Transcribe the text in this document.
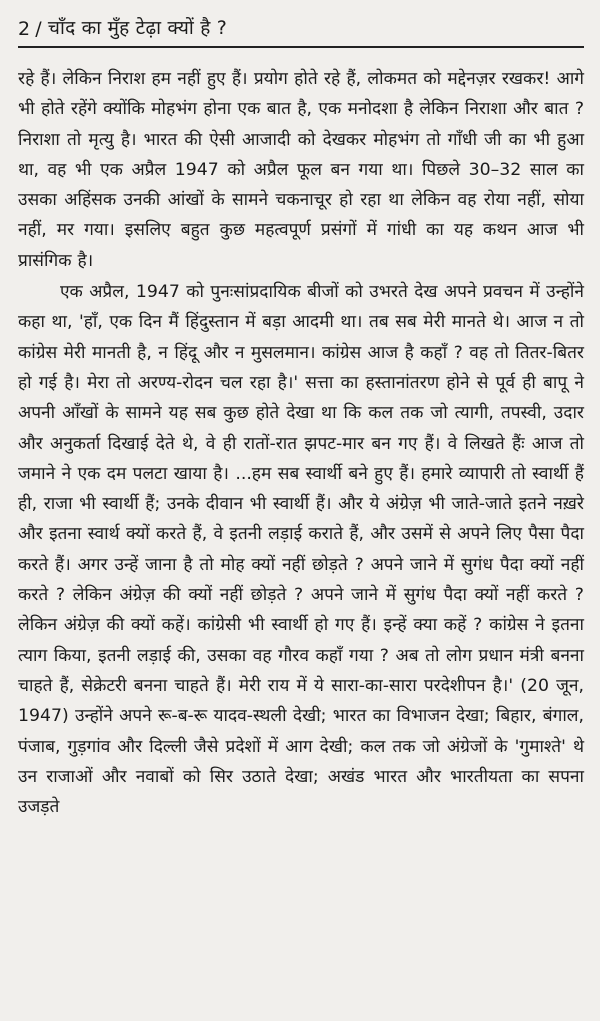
2 / चाँद का मुँह टेढ़ा क्यों है ?

रहे हैं। लेकिन निराश हम नहीं हुए हैं। प्रयोग होते रहे हैं, लोकमत को मद्देनज़र रखकर! आगे भी होते रहेंगे क्योंकि मोहभंग होना एक बात है, एक मनोदशा है लेकिन निराशा और बात ? निराशा तो मृत्यु है। भारत की ऐसी आजादी को देखकर मोहभंग तो गाँधी जी का भी हुआ था, वह भी एक अप्रैल 1947 को अप्रैल फूल बन गया था। पिछले 30–32 साल का उसका अहिंसक उनकी आंखों के सामने चकनाचूर हो रहा था लेकिन वह रोया नहीं, सोया नहीं, मर गया। इसलिए बहुत कुछ महत्वपूर्ण प्रसंगों में गांधी का यह कथन आज भी प्रासंगिक है।

एक अप्रैल, 1947 को पुनःसांप्रदायिक बीजों को उभरते देख अपने प्रवचन में उन्होंने कहा था, 'हाँ, एक दिन मैं हिंदुस्तान में बड़ा आदमी था। तब सब मेरी मानते थे। आज न तो कांग्रेस मेरी मानती है, न हिंदू और न मुसलमान। कांग्रेस आज है कहाँ ? वह तो तितर-बितर हो गई है। मेरा तो अरण्य-रोदन चल रहा है।' सत्ता का हस्तानांतरण होने से पूर्व ही बापू ने अपनी आँखों के सामने यह सब कुछ होते देखा था कि कल तक जो त्यागी, तपस्वी, उदार और अनुकर्ता दिखाई देते थे, वे ही रातों-रात झपट-मार बन गए हैं। वे लिखते हैंः आज तो जमाने ने एक दम पलटा खाया है। ...हम सब स्वार्थी बने हुए हैं। हमारे व्यापारी तो स्वार्थी हैं ही, राजा भी स्वार्थी हैं; उनके दीवान भी स्वार्थी हैं। और ये अंग्रेज़ भी जाते-जाते इतने नख़रे और इतना स्वार्थ क्यों करते हैं, वे इतनी लड़ाई कराते हैं, और उसमें से अपने लिए पैसा पैदा करते हैं। अगर उन्हें जाना है तो मोह क्यों नहीं छोड़ते ? अपने जाने में सुगंध पैदा क्यों नहीं करते ? लेकिन अंग्रेज़ की क्यों नहीं छोड़ते ? अपने जाने में सुगंध पैदा क्यों नहीं करते ? लेकिन अंग्रेज़ की क्यों कहें। कांग्रेसी भी स्वार्थी हो गए हैं। इन्हें क्या कहें ? कांग्रेस ने इतना त्याग किया, इतनी लड़ाई की, उसका वह गौरव कहाँ गया ? अब तो लोग प्रधान मंत्री बनना चाहते हैं, सेक्रेटरी बनना चाहते हैं। मेरी राय में ये सारा-का-सारा परदेशीपन है।' (20 जून, 1947) उन्होंने अपने रू-ब-रू यादव-स्थली देखी; भारत का विभाजन देखा; बिहार, बंगाल, पंजाब, गुड़गांव और दिल्ली जैसे प्रदेशों में आग देखी; कल तक जो अंग्रेजों के 'गुमाश्ते' थे उन राजाओं और नवाबों को सिर उठाते देखा; अखंड भारत और भारतीयता का सपना उजड़ते
